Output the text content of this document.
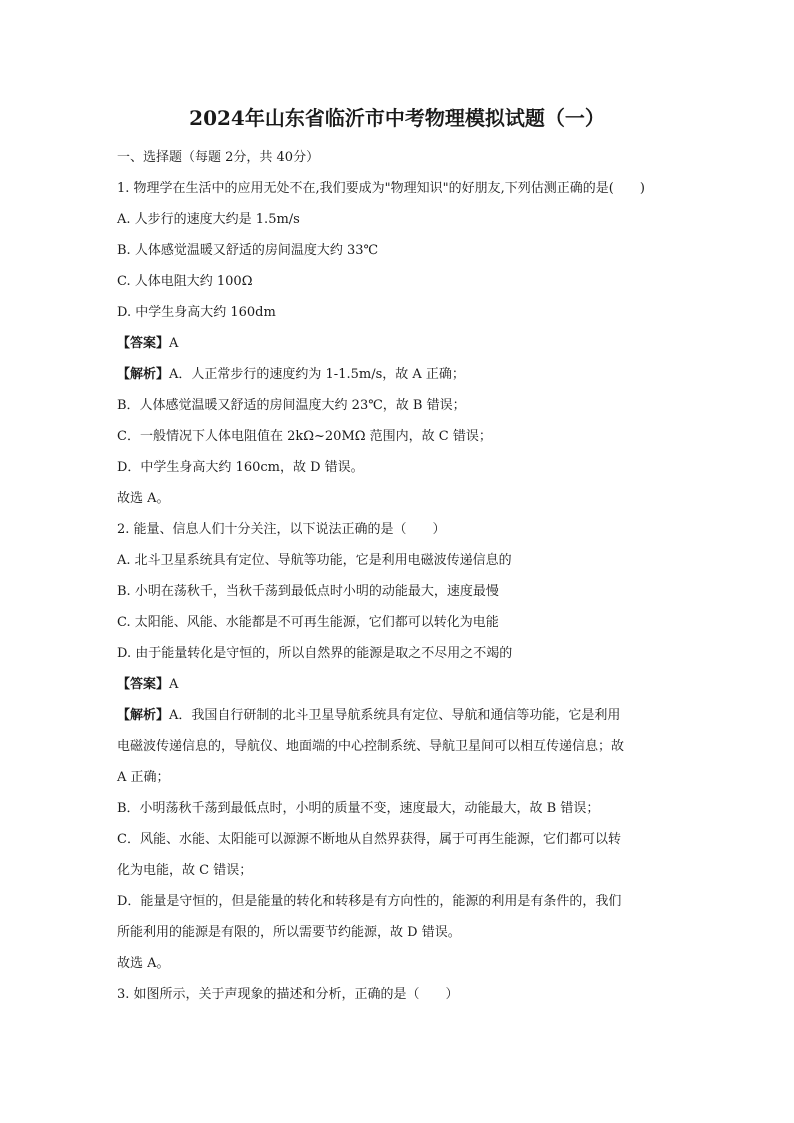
2024年山东省临沂市中考物理模拟试题（一）
一、选择题（每题 2分，共 40分）
1. 物理学在生活中的应用无处不在,我们要成为"物理知识"的好朋友,下列估测正确的是(　　)
A. 人步行的速度大约是 1.5m/s
B. 人体感觉温暖又舒适的房间温度大约 33℃
C. 人体电阻大约 100Ω
D. 中学生身高大约 160dm
【答案】A
【解析】A．人正常步行的速度约为 1-1.5m/s，故 A 正确；
B．人体感觉温暖又舒适的房间温度大约 23℃，故 B 错误；
C．一般情况下人体电阻值在 2kΩ~20MΩ 范围内，故 C 错误；
D．中学生身高大约 160cm，故 D 错误。
故选 A。
2. 能量、信息人们十分关注，以下说法正确的是（　　）
A. 北斗卫星系统具有定位、导航等功能，它是利用电磁波传递信息的
B. 小明在荡秋千，当秋千荡到最低点时小明的动能最大，速度最慢
C. 太阳能、风能、水能都是不可再生能源，它们都可以转化为电能
D. 由于能量转化是守恒的，所以自然界的能源是取之不尽用之不竭的
【答案】A
【解析】A．我国自行研制的北斗卫星导航系统具有定位、导航和通信等功能，它是利用
电磁波传递信息的，导航仪、地面端的中心控制系统、导航卫星间可以相互传递信息；故
A 正确；
B．小明荡秋千荡到最低点时，小明的质量不变，速度最大，动能最大，故 B 错误；
C．风能、水能、太阳能可以源源不断地从自然界获得，属于可再生能源，它们都可以转
化为电能，故 C 错误；
D．能量是守恒的，但是能量的转化和转移是有方向性的，能源的利用是有条件的，我们
所能利用的能源是有限的，所以需要节约能源，故 D 错误。
故选 A。
3. 如图所示，关于声现象的描述和分析，正确的是（　　）
